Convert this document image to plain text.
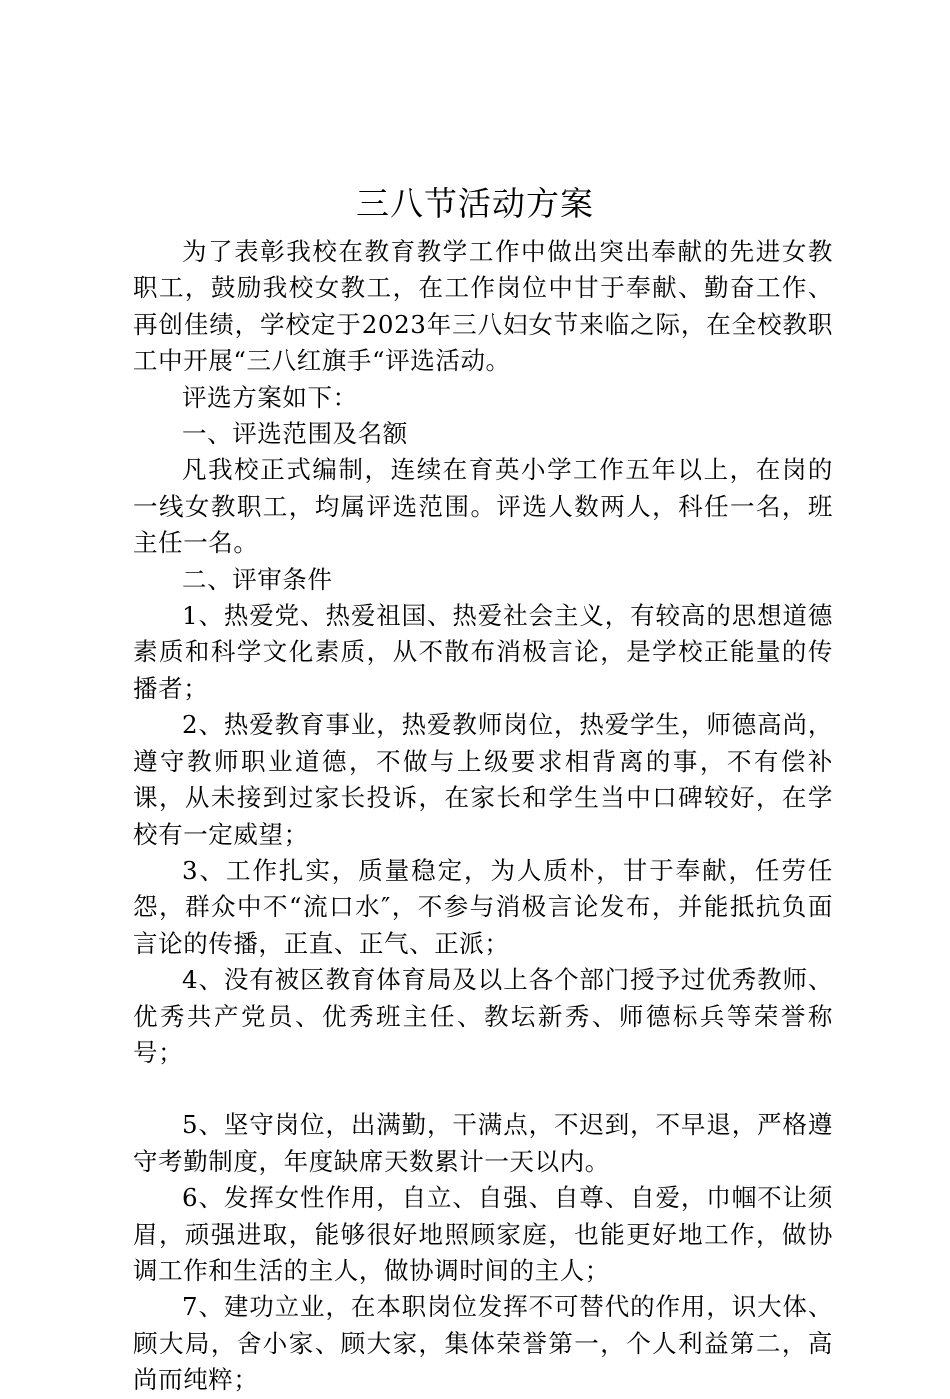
三八节活动方案

为了表彰我校在教育教学工作中做出突出奉献的先进女教职工，鼓励我校女教工，在工作岗位中甘于奉献、勤奋工作、再创佳绩，学校定于2023年三八妇女节来临之际，在全校教职工中开展“三八红旗手“评选活动。

评选方案如下：

一、评选范围及名额

凡我校正式编制，连续在育英小学工作五年以上，在岗的一线女教职工，均属评选范围。评选人数两人，科任一名，班主任一名。

二、评审条件

1、热爱党、热爱祖国、热爱社会主义，有较高的思想道德素质和科学文化素质，从不散布消极言论，是学校正能量的传播者；

2、热爱教育事业，热爱教师岗位，热爱学生，师德高尚，遵守教师职业道德，不做与上级要求相背离的事，不有偿补课，从未接到过家长投诉，在家长和学生当中口碑较好，在学校有一定威望；

3、工作扎实，质量稳定，为人质朴，甘于奉献，任劳任怨，群众中不“流口水″，不参与消极言论发布，并能抵抗负面言论的传播，正直、正气、正派；

4、没有被区教育体育局及以上各个部门授予过优秀教师、优秀共产党员、优秀班主任、教坛新秀、师德标兵等荣誉称号；

5、坚守岗位，出满勤，干满点，不迟到，不早退，严格遵守考勤制度，年度缺席天数累计一天以内。

6、发挥女性作用，自立、自强、自尊、自爱，巾帼不让须眉，顽强进取，能够很好地照顾家庭，也能更好地工作，做协调工作和生活的主人，做协调时间的主人；

7、建功立业，在本职岗位发挥不可替代的作用，识大体、顾大局，舍小家、顾大家，集体荣誉第一，个人利益第二，高尚而纯粹；
